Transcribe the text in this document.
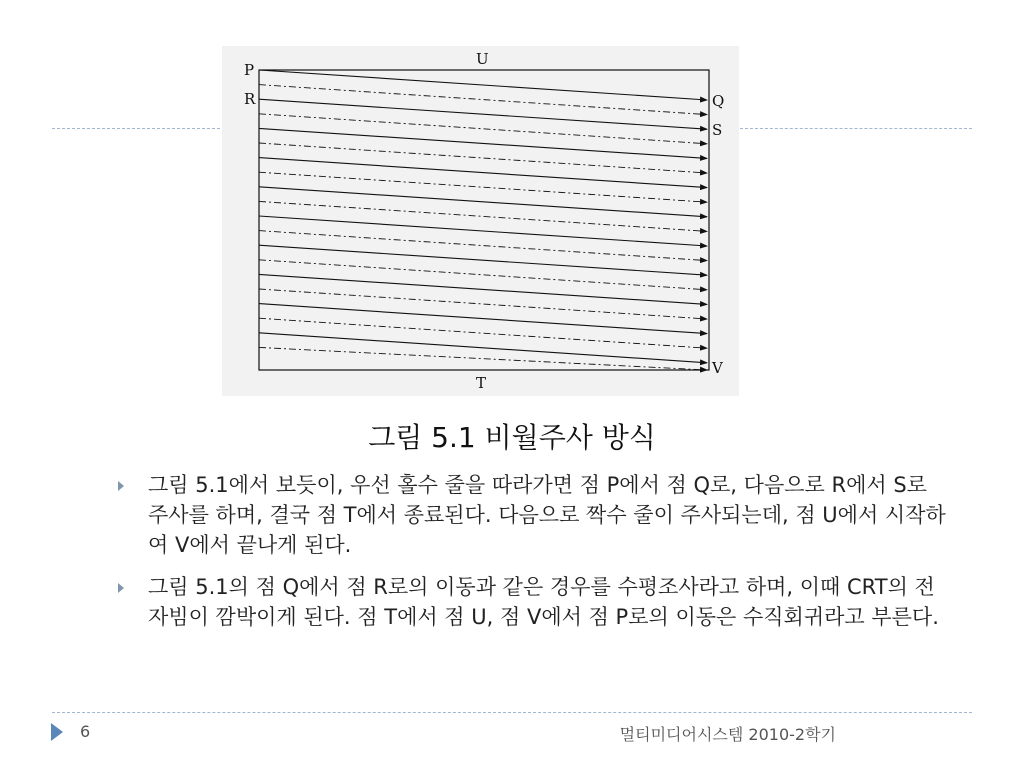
P
R	Q
S
U
T
V
그림 5.1 비월주사 방식
그림 5.1에서 보듯이, 우선 홀수 줄을 따라가면 점 P에서 점 Q로, 다음으로 R에서 S로 주사를 하며, 결국 점 T에서 종료된다. 다음으로 짝수 줄이 주사되는데, 점 U에서 시작하여 V에서 끝나게 된다.
그림 5.1의 점 Q에서 점 R로의 이동과 같은 경우를 수평조사라고 하며, 이때 CRT의 전자빔이 깜박이게 된다. 점 T에서 점 U, 점 V에서 점 P로의 이동은 수직회귀라고 부른다.
6	멀티미디어시스템 2010-2학기
